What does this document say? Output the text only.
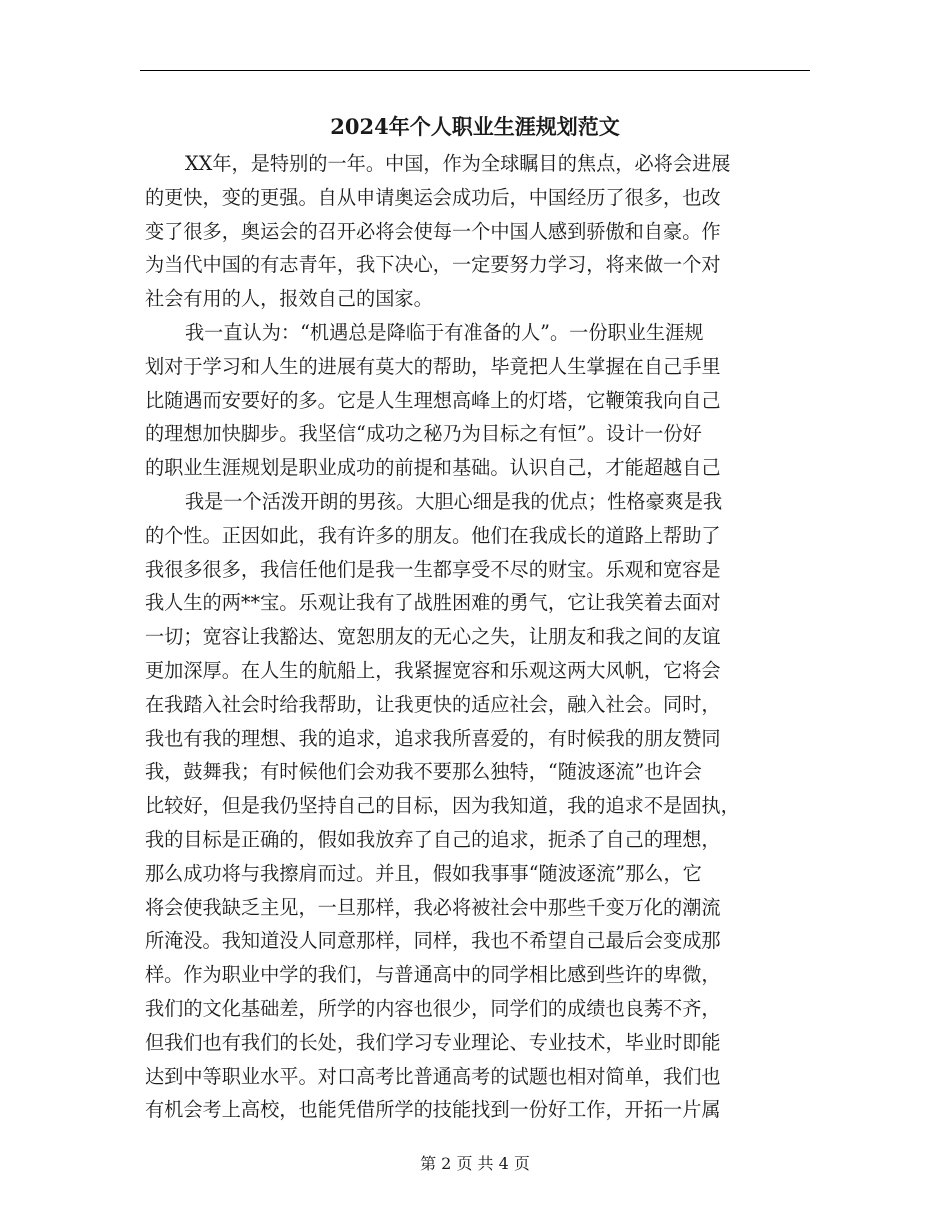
2024年个人职业生涯规划范文
XX年，是特别的一年。中国，作为全球瞩目的焦点，必将会进展
的更快，变的更强。自从申请奥运会成功后，中国经历了很多，也改
变了很多，奥运会的召开必将会使每一个中国人感到骄傲和自豪。作
为当代中国的有志青年，我下决心，一定要努力学习，将来做一个对
社会有用的人，报效自己的国家。
我一直认为：“机遇总是降临于有准备的人”。一份职业生涯规
划对于学习和人生的进展有莫大的帮助，毕竟把人生掌握在自己手里
比随遇而安要好的多。它是人生理想高峰上的灯塔，它鞭策我向自己
的理想加快脚步。我坚信“成功之秘乃为目标之有恒”。设计一份好
的职业生涯规划是职业成功的前提和基础。认识自己，才能超越自己
我是一个活泼开朗的男孩。大胆心细是我的优点；性格豪爽是我
的个性。正因如此，我有许多的朋友。他们在我成长的道路上帮助了
我很多很多，我信任他们是我一生都享受不尽的财宝。乐观和宽容是
我人生的两**宝。乐观让我有了战胜困难的勇气，它让我笑着去面对
一切；宽容让我豁达、宽恕朋友的无心之失，让朋友和我之间的友谊
更加深厚。在人生的航船上，我紧握宽容和乐观这两大风帆，它将会
在我踏入社会时给我帮助，让我更快的适应社会，融入社会。同时，
我也有我的理想、我的追求，追求我所喜爱的，有时候我的朋友赞同
我，鼓舞我；有时候他们会劝我不要那么独特，“随波逐流”也许会
比较好，但是我仍坚持自己的目标，因为我知道，我的追求不是固执，
我的目标是正确的，假如我放弃了自己的追求，扼杀了自己的理想，
那么成功将与我擦肩而过。并且，假如我事事“随波逐流”那么，它
将会使我缺乏主见，一旦那样，我必将被社会中那些千变万化的潮流
所淹没。我知道没人同意那样，同样，我也不希望自己最后会变成那
样。作为职业中学的我们，与普通高中的同学相比感到些许的卑微，
我们的文化基础差，所学的内容也很少，同学们的成绩也良莠不齐，
但我们也有我们的长处，我们学习专业理论、专业技术，毕业时即能
达到中等职业水平。对口高考比普通高考的试题也相对简单，我们也
有机会考上高校，也能凭借所学的技能找到一份好工作，开拓一片属
第 2 页 共 4 页
